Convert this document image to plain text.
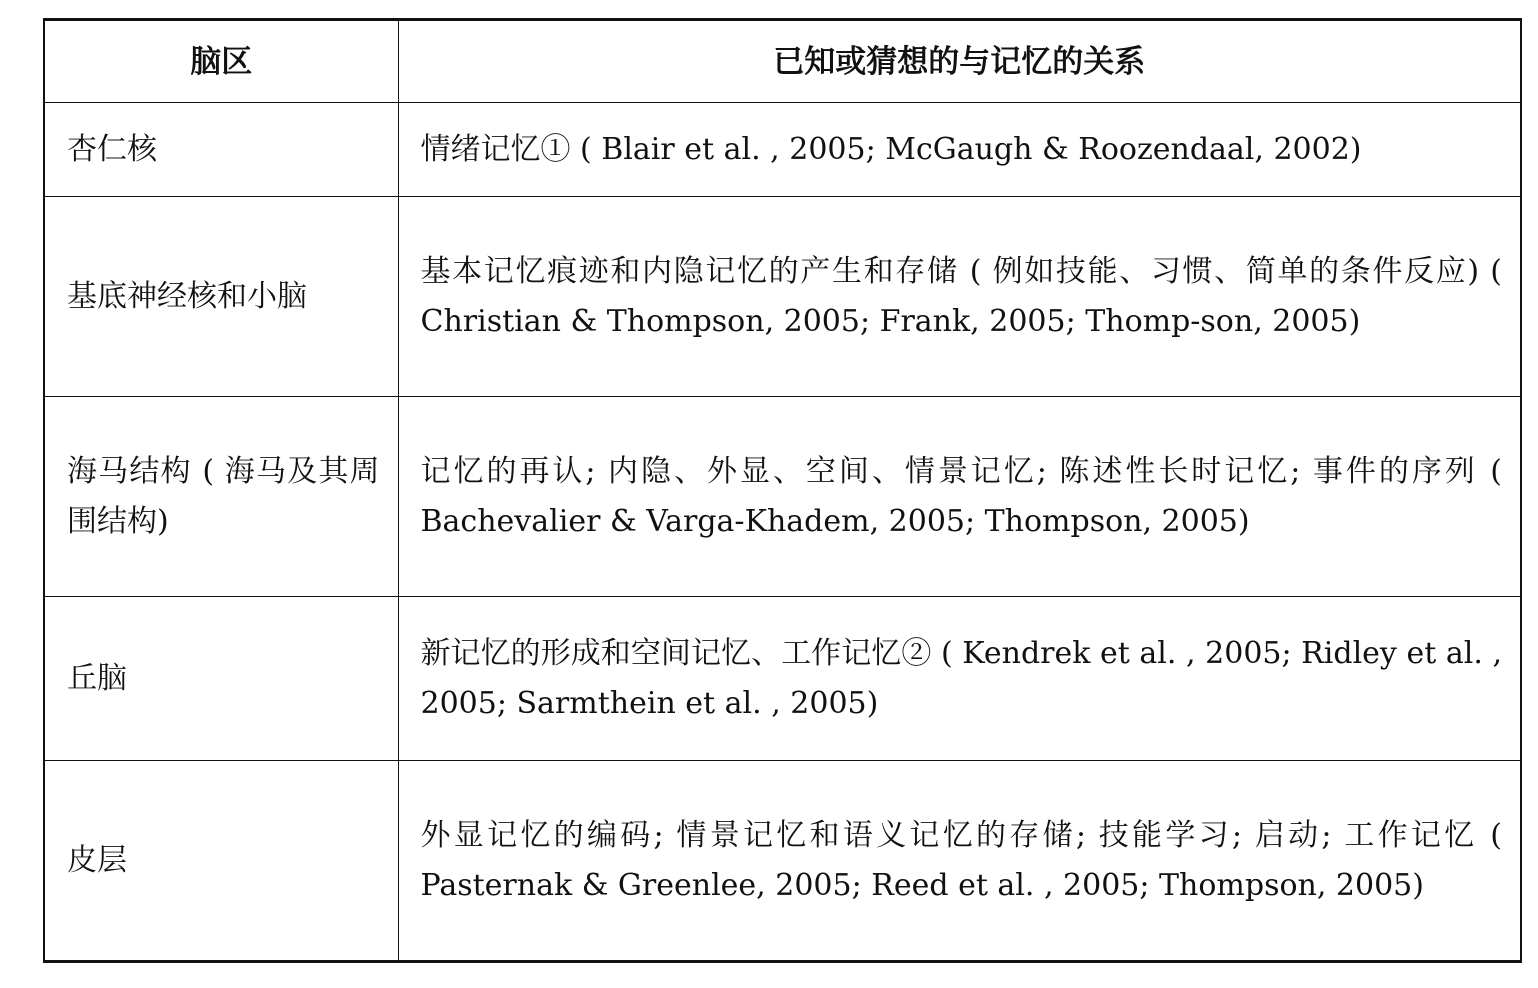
脑区	已知或猜想的与记忆的关系
杏仁核	情绪记忆① ( Blair et al. , 2005; McGaugh & Roozendaal, 2002)

基底神经核和小脑	基本记忆痕迹和内隐记忆的产生和存储 ( 例如技能、习惯、简单的条件反应) ( Christian & Thompson, 2005; Frank, 2005; Thomp-son, 2005)

海马结构 ( 海马及其周围结构)	记忆的再认; 内隐、外显、空间、情景记忆; 陈述性长时记忆; 事件的序列 ( Bachevalier & Varga-Khadem, 2005; Thompson, 2005)

丘脑	新记忆的形成和空间记忆、工作记忆② ( Kendrek et al. , 2005; Ridley et al. , 2005; Sarmthein et al. , 2005)

皮层	外显记忆的编码; 情景记忆和语义记忆的存储; 技能学习; 启动; 工作记忆 ( Pasternak & Greenlee, 2005; Reed et al. , 2005; Thompson, 2005)
